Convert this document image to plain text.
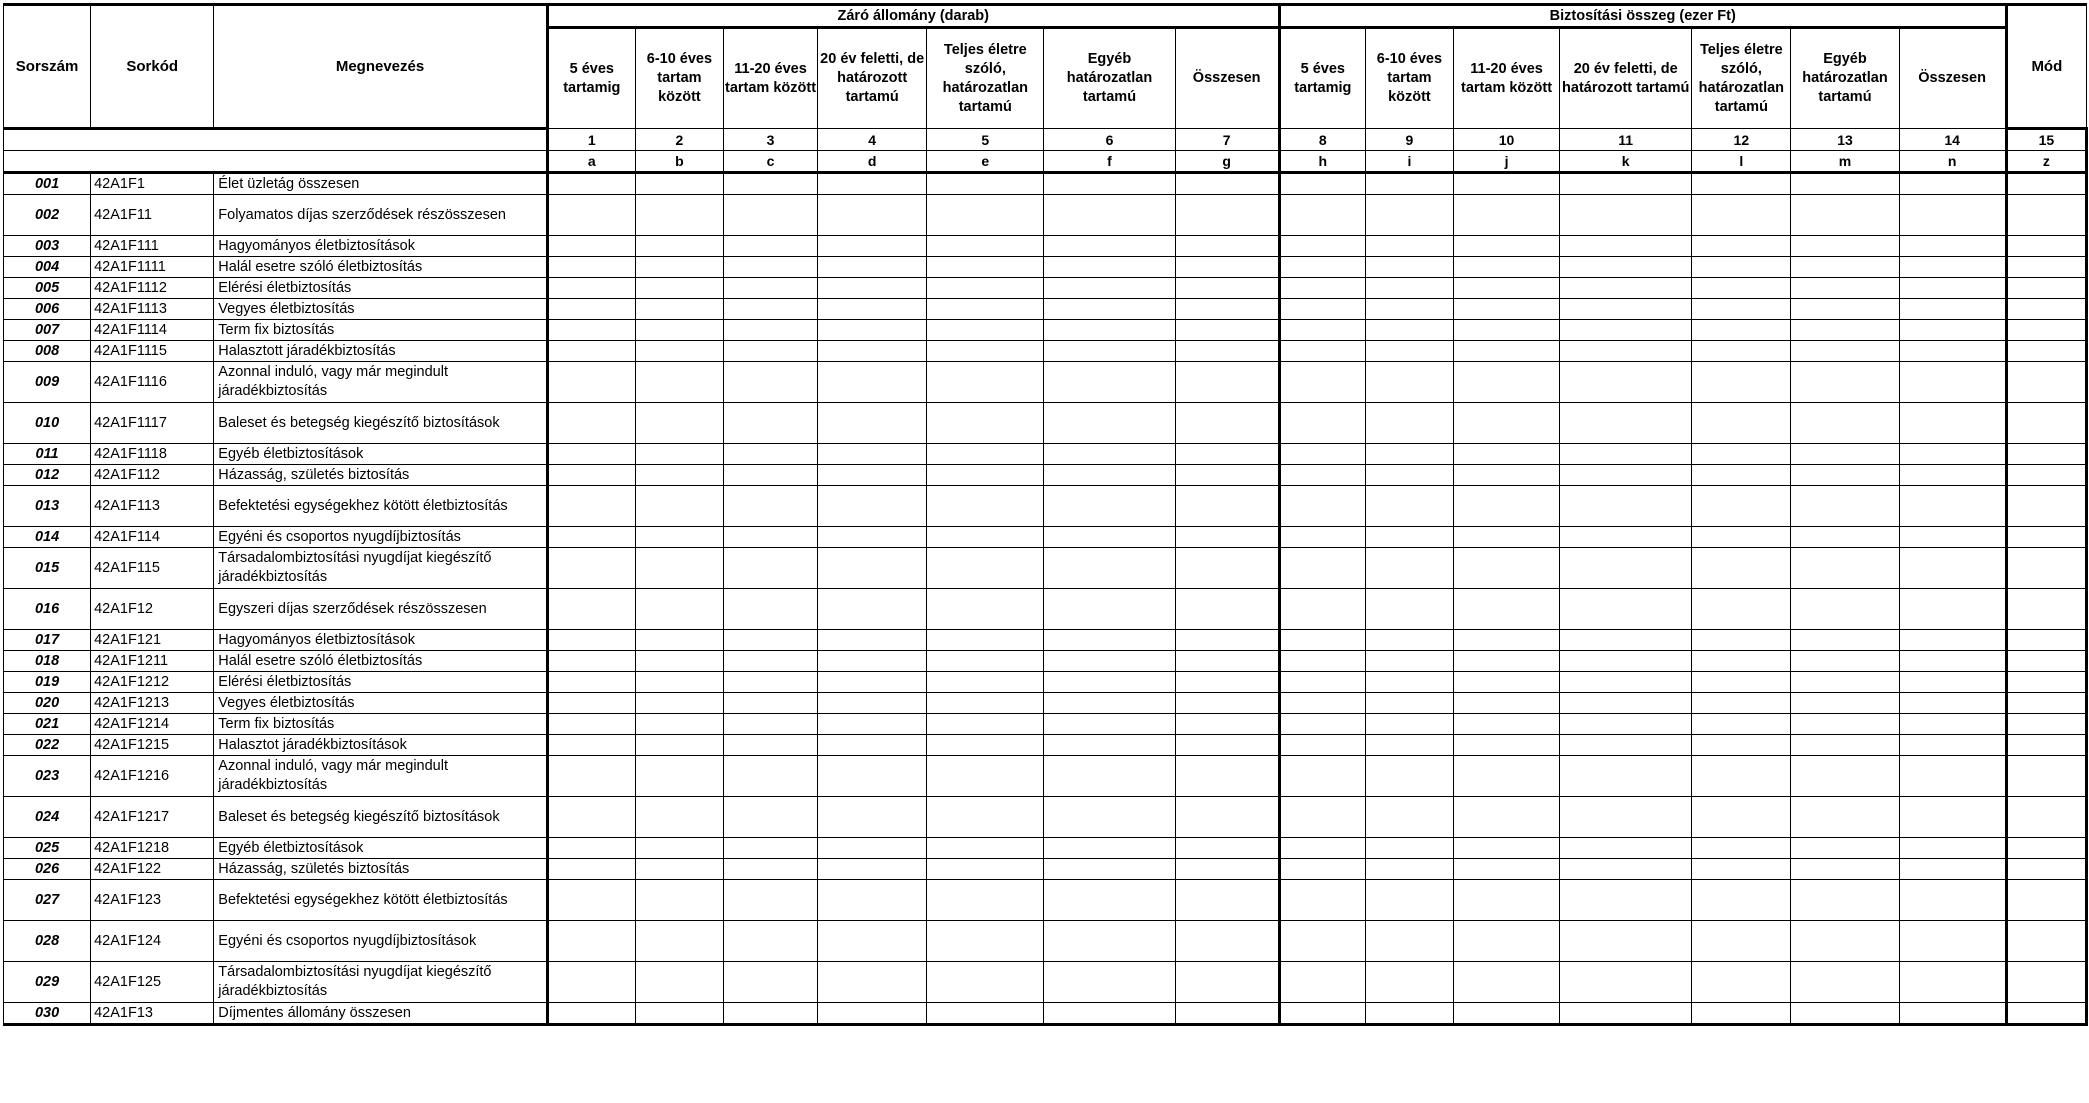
Sorszám	Sorkód	Megnevezés	Záró állomány (darab)							Biztosítási összeg (ezer Ft)							Mód
			5 éves tartamig	6-10 éves tartam között	11-20 éves tartam között	20 év feletti, de határozott tartamú	Teljes életre szóló, határozatlan tartamú	Egyéb határozatlan tartamú	Összesen	5 éves tartamig	6-10 éves tartam között	11-20 éves tartam között	20 év feletti, de határozott tartamú	Teljes életre szóló, határozatlan tartamú	Egyéb határozatlan tartamú	Összesen	
			1	2	3	4	5	6	7	8	9	10	11	12	13	14	15
			a	b	c	d	e	f	g	h	i	j	k	l	m	n	z
001	42A1F1	Élet üzletág összesen															
002	42A1F11	Folyamatos díjas szerződések részösszesen															
003	42A1F111	Hagyományos életbiztosítások															
004	42A1F1111	Halál esetre szóló életbiztosítás															
005	42A1F1112	Elérési életbiztosítás															
006	42A1F1113	Vegyes életbiztosítás															
007	42A1F1114	Term fix biztosítás															
008	42A1F1115	Halasztott járadékbiztosítás															
009	42A1F1116	Azonnal induló, vagy már megindult járadékbiztosítás															
010	42A1F1117	Baleset és betegség kiegészítő biztosítások															
011	42A1F1118	Egyéb életbiztosítások															
012	42A1F112	Házasság, születés biztosítás															
013	42A1F113	Befektetési egységekhez kötött életbiztosítás															
014	42A1F114	Egyéni és csoportos nyugdíjbiztosítás															
015	42A1F115	Társadalombiztosítási nyugdíjat kiegészítő járadékbiztosítás															
016	42A1F12	Egyszeri díjas szerződések részösszesen															
017	42A1F121	Hagyományos életbiztosítások															
018	42A1F1211	Halál esetre szóló életbiztosítás															
019	42A1F1212	Elérési életbiztosítás															
020	42A1F1213	Vegyes életbiztosítás															
021	42A1F1214	Term fix biztosítás															
022	42A1F1215	Halasztot járadékbiztosítások															
023	42A1F1216	Azonnal induló, vagy már megindult járadékbiztosítás															
024	42A1F1217	Baleset és betegség kiegészítő biztosítások															
025	42A1F1218	Egyéb életbiztosítások															
026	42A1F122	Házasság, születés biztosítás															
027	42A1F123	Befektetési egységekhez kötött életbiztosítás															
028	42A1F124	Egyéni és csoportos nyugdíjbiztosítások															
029	42A1F125	Társadalombiztosítási nyugdíjat kiegészítő járadékbiztosítás															
030	42A1F13	Díjmentes állomány összesen															
